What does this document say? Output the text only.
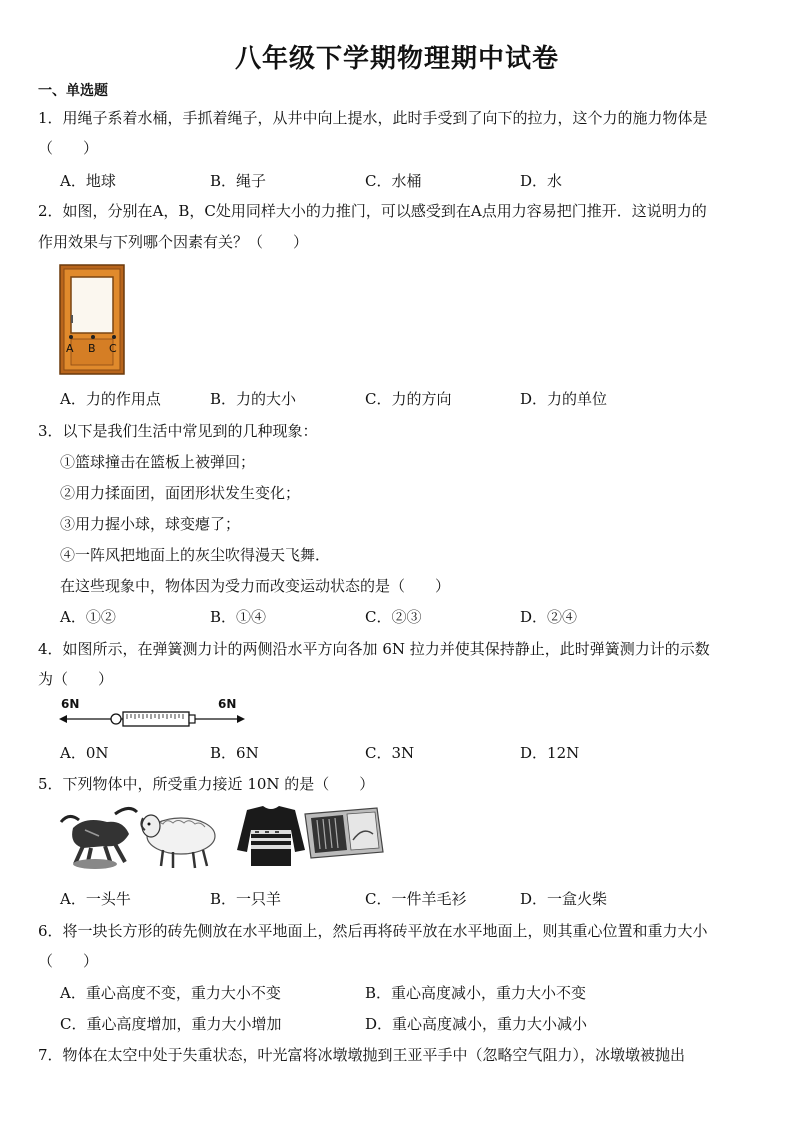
八年级下学期物理期中试卷
一、单选题
1．用绳子系着水桶，手抓着绳子，从井中向上提水，此时手受到了向下的拉力，这个力的施力物体是
（　　）
A．地球	B．绳子	C．水桶	D．水
2．如图，分别在A，B，C处用同样大小的力推门，可以感受到在A点用力容易把门推开．这说明力的
作用效果与下列哪个因素有关？（　　）
A B C
A．力的作用点	B．力的大小	C．力的方向	D．力的单位
3．以下是我们生活中常见到的几种现象：
①篮球撞击在篮板上被弹回；
②用力揉面团，面团形状发生变化；
③用力握小球，球变瘪了；
④一阵风把地面上的灰尘吹得漫天飞舞．
在这些现象中，物体因为受力而改变运动状态的是（　　）
A．①②	B．①④	C．②③	D．②④
4．如图所示，在弹簧测力计的两侧沿水平方向各加 6N 拉力并使其保持静止，此时弹簧测力计的示数
为（　　）
6N	6N
A．0N	B．6N	C．3N	D．12N
5．下列物体中，所受重力接近 10N 的是（　　）
A．一头牛	B．一只羊	C．一件羊毛衫	D．一盒火柴
6．将一块长方形的砖先侧放在水平地面上，然后再将砖平放在水平地面上，则其重心位置和重力大小
（　　）
A．重心高度不变，重力大小不变	B．重心高度减小，重力大小不变
C．重心高度增加，重力大小增加	D．重心高度减小，重力大小减小
7．物体在太空中处于失重状态，叶光富将冰墩墩抛到王亚平手中（忽略空气阻力），冰墩墩被抛出
